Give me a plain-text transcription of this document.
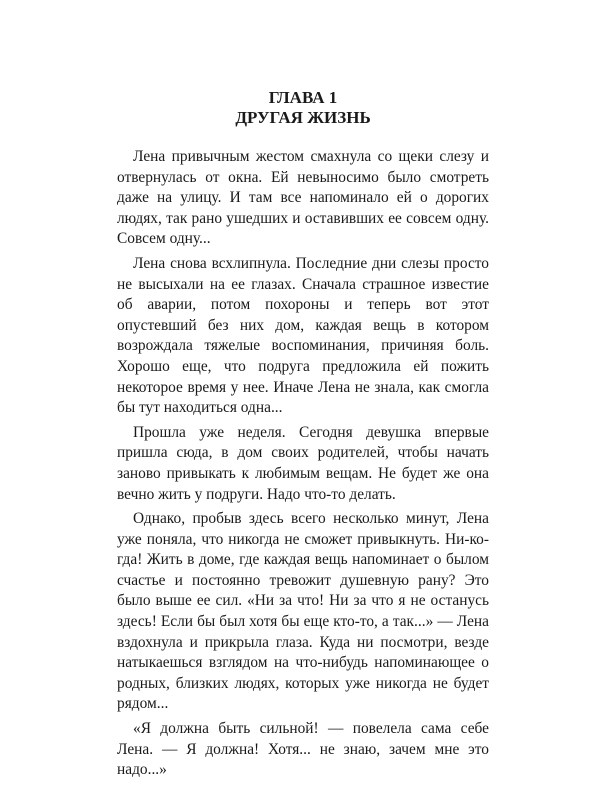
ГЛАВА 1

ДРУГАЯ ЖИЗНЬ

Лена привычным жестом смахнула со щеки слезу и отвернулась от окна. Ей невыносимо было смотреть даже на улицу. И там все напоминало ей о дорогих людях, так рано ушедших и оставивших ее совсем одну. Совсем одну...

Лена снова всхлипнула. Последние дни слезы просто не высыхали на ее глазах. Сначала страшное известие об аварии, потом похороны и теперь вот этот опустевший без них дом, каждая вещь в котором возрождала тяжелые воспоминания, причиняя боль. Хорошо еще, что подруга предложила ей пожить некоторое время у нее. Иначе Лена не знала, как смогла бы тут находиться одна...

Прошла уже неделя. Сегодня девушка впервые пришла сюда, в дом своих родителей, чтобы начать заново привыкать к любимым вещам. Не будет же она вечно жить у подруги. Надо что-то делать.

Однако, пробыв здесь всего несколько минут, Лена уже поняла, что никогда не сможет привыкнуть. Ни-ко-гда! Жить в доме, где каждая вещь напоминает о былом счастье и постоянно тревожит душевную рану? Это было выше ее сил. «Ни за что! Ни за что я не останусь здесь! Если бы был хотя бы еще кто-то, а так...» — Лена вздохнула и прикрыла глаза. Куда ни посмотри, везде натыкаешься взглядом на что-нибудь напоминающее о родных, близких людях, которых уже никогда не будет рядом...

«Я должна быть сильной! — повелела сама себе Лена. — Я должна! Хотя... не знаю, зачем мне это надо...»
